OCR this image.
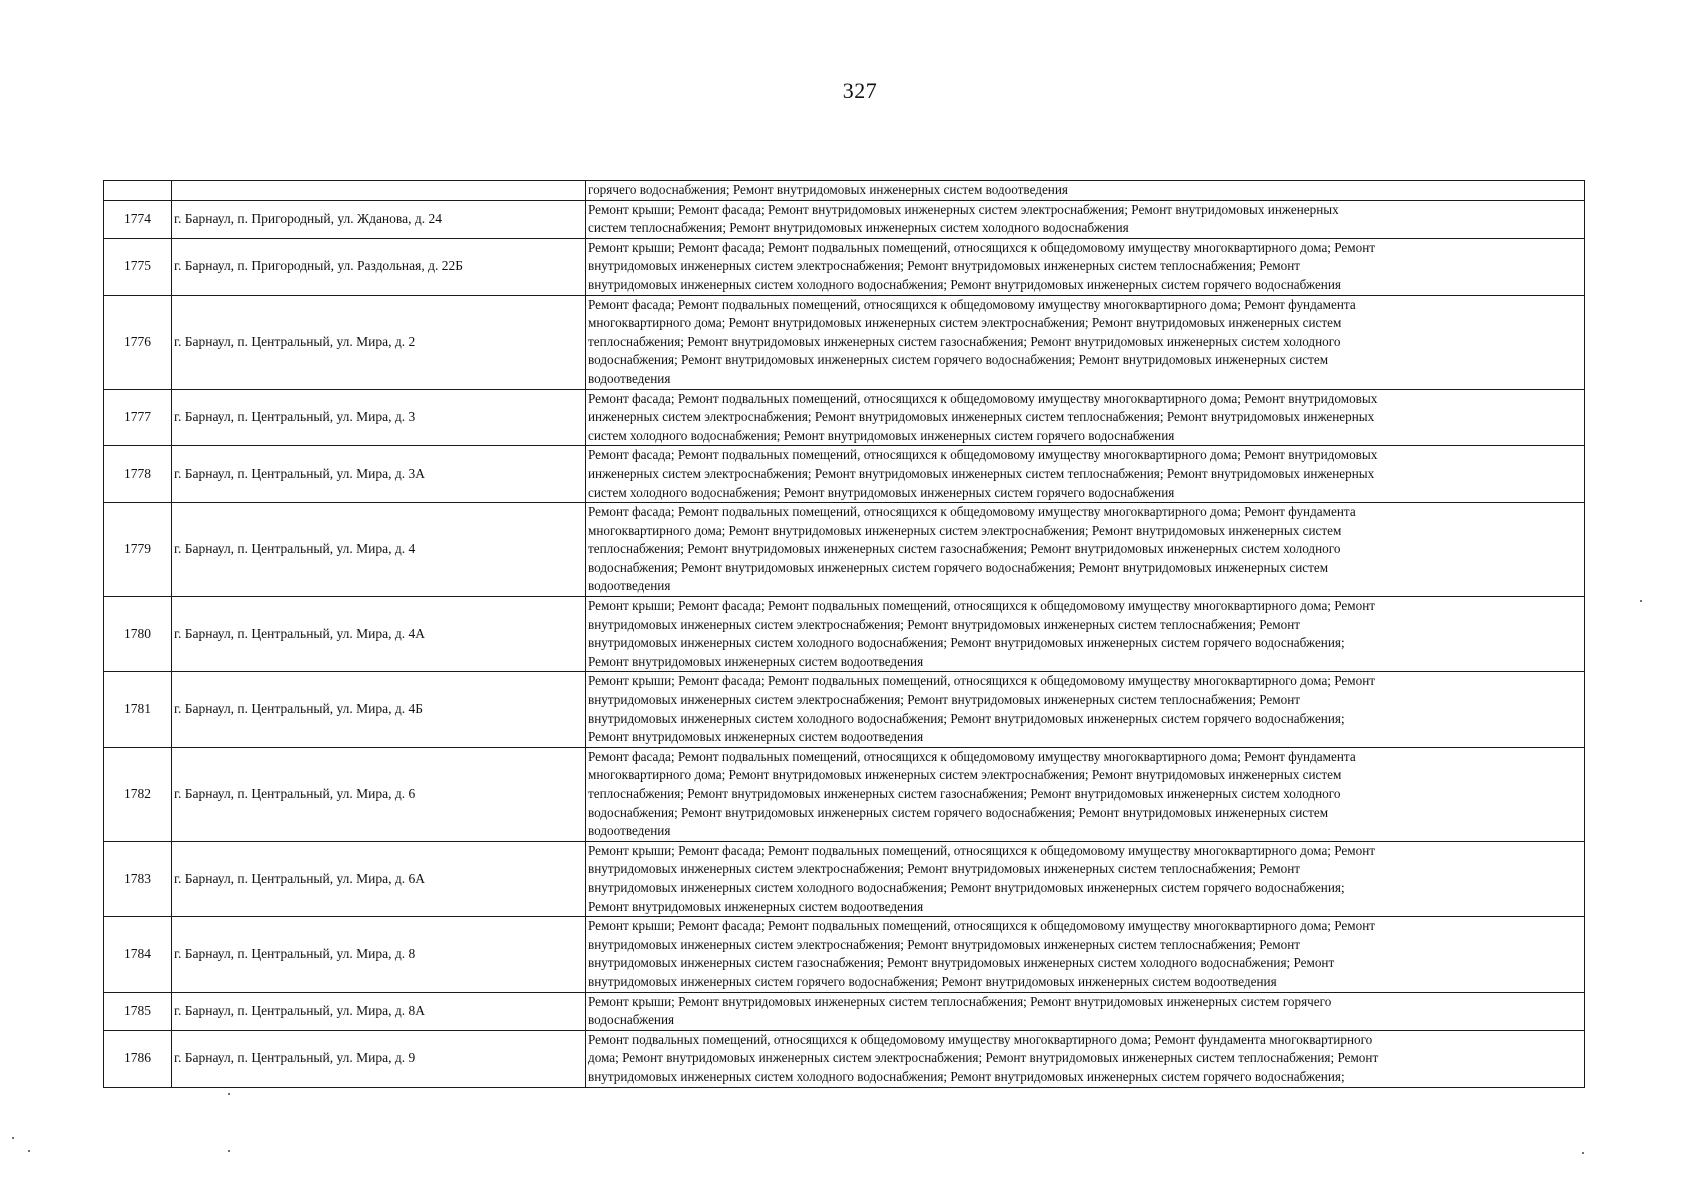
327

		горячего водоснабжения; Ремонт внутридомовых инженерных систем водоотведения

1774	г. Барнаул, п. Пригородный, ул. Жданова, д. 24	Ремонт крыши; Ремонт фасада; Ремонт внутридомовых инженерных систем электроснабжения; Ремонт внутридомовых инженерных
систем теплоснабжения; Ремонт внутридомовых инженерных систем холодного водоснабжения

1775	г. Барнаул, п. Пригородный, ул. Раздольная, д. 22Б	Ремонт крыши; Ремонт фасада; Ремонт подвальных помещений, относящихся к общедомовому имуществу многоквартирного дома; Ремонт
внутридомовых инженерных систем электроснабжения; Ремонт внутридомовых инженерных систем теплоснабжения; Ремонт
внутридомовых инженерных систем холодного водоснабжения; Ремонт внутридомовых инженерных систем горячего водоснабжения

1776	г. Барнаул, п. Центральный, ул. Мира, д. 2	Ремонт фасада; Ремонт подвальных помещений, относящихся к общедомовому имуществу многоквартирного дома; Ремонт фундамента
многоквартирного дома; Ремонт внутридомовых инженерных систем электроснабжения; Ремонт внутридомовых инженерных систем
теплоснабжения; Ремонт внутридомовых инженерных систем газоснабжения; Ремонт внутридомовых инженерных систем холодного
водоснабжения; Ремонт внутридомовых инженерных систем горячего водоснабжения; Ремонт внутридомовых инженерных систем
водоотведения

1777	г. Барнаул, п. Центральный, ул. Мира, д. 3	Ремонт фасада; Ремонт подвальных помещений, относящихся к общедомовому имуществу многоквартирного дома; Ремонт внутридомовых
инженерных систем электроснабжения; Ремонт внутридомовых инженерных систем теплоснабжения; Ремонт внутридомовых инженерных
систем холодного водоснабжения; Ремонт внутридомовых инженерных систем горячего водоснабжения

1778	г. Барнаул, п. Центральный, ул. Мира, д. 3А	Ремонт фасада; Ремонт подвальных помещений, относящихся к общедомовому имуществу многоквартирного дома; Ремонт внутридомовых
инженерных систем электроснабжения; Ремонт внутридомовых инженерных систем теплоснабжения; Ремонт внутридомовых инженерных
систем холодного водоснабжения; Ремонт внутридомовых инженерных систем горячего водоснабжения

1779	г. Барнаул, п. Центральный, ул. Мира, д. 4	Ремонт фасада; Ремонт подвальных помещений, относящихся к общедомовому имуществу многоквартирного дома; Ремонт фундамента
многоквартирного дома; Ремонт внутридомовых инженерных систем электроснабжения; Ремонт внутридомовых инженерных систем
теплоснабжения; Ремонт внутридомовых инженерных систем газоснабжения; Ремонт внутридомовых инженерных систем холодного
водоснабжения; Ремонт внутридомовых инженерных систем горячего водоснабжения; Ремонт внутридомовых инженерных систем
водоотведения

1780	г. Барнаул, п. Центральный, ул. Мира, д. 4А	Ремонт крыши; Ремонт фасада; Ремонт подвальных помещений, относящихся к общедомовому имуществу многоквартирного дома; Ремонт
внутридомовых инженерных систем электроснабжения; Ремонт внутридомовых инженерных систем теплоснабжения; Ремонт
внутридомовых инженерных систем холодного водоснабжения; Ремонт внутридомовых инженерных систем горячего водоснабжения;
Ремонт внутридомовых инженерных систем водоотведения

1781	г. Барнаул, п. Центральный, ул. Мира, д. 4Б	Ремонт крыши; Ремонт фасада; Ремонт подвальных помещений, относящихся к общедомовому имуществу многоквартирного дома; Ремонт
внутридомовых инженерных систем электроснабжения; Ремонт внутридомовых инженерных систем теплоснабжения; Ремонт
внутридомовых инженерных систем холодного водоснабжения; Ремонт внутридомовых инженерных систем горячего водоснабжения;
Ремонт внутридомовых инженерных систем водоотведения

1782	г. Барнаул, п. Центральный, ул. Мира, д. 6	Ремонт фасада; Ремонт подвальных помещений, относящихся к общедомовому имуществу многоквартирного дома; Ремонт фундамента
многоквартирного дома; Ремонт внутридомовых инженерных систем электроснабжения; Ремонт внутридомовых инженерных систем
теплоснабжения; Ремонт внутридомовых инженерных систем газоснабжения; Ремонт внутридомовых инженерных систем холодного
водоснабжения; Ремонт внутридомовых инженерных систем горячего водоснабжения; Ремонт внутридомовых инженерных систем
водоотведения

1783	г. Барнаул, п. Центральный, ул. Мира, д. 6А	Ремонт крыши; Ремонт фасада; Ремонт подвальных помещений, относящихся к общедомовому имуществу многоквартирного дома; Ремонт
внутридомовых инженерных систем электроснабжения; Ремонт внутридомовых инженерных систем теплоснабжения; Ремонт
внутридомовых инженерных систем холодного водоснабжения; Ремонт внутридомовых инженерных систем горячего водоснабжения;
Ремонт внутридомовых инженерных систем водоотведения

1784	г. Барнаул, п. Центральный, ул. Мира, д. 8	Ремонт крыши; Ремонт фасада; Ремонт подвальных помещений, относящихся к общедомовому имуществу многоквартирного дома; Ремонт
внутридомовых инженерных систем электроснабжения; Ремонт внутридомовых инженерных систем теплоснабжения; Ремонт
внутридомовых инженерных систем газоснабжения; Ремонт внутридомовых инженерных систем холодного водоснабжения; Ремонт
внутридомовых инженерных систем горячего водоснабжения; Ремонт внутридомовых инженерных систем водоотведения

1785	г. Барнаул, п. Центральный, ул. Мира, д. 8А	Ремонт крыши; Ремонт внутридомовых инженерных систем теплоснабжения; Ремонт внутридомовых инженерных систем горячего
водоснабжения

1786	г. Барнаул, п. Центральный, ул. Мира, д. 9	Ремонт подвальных помещений, относящихся к общедомовому имуществу многоквартирного дома; Ремонт фундамента многоквартирного
дома; Ремонт внутридомовых инженерных систем электроснабжения; Ремонт внутридомовых инженерных систем теплоснабжения; Ремонт
внутридомовых инженерных систем холодного водоснабжения; Ремонт внутридомовых инженерных систем горячего водоснабжения;
